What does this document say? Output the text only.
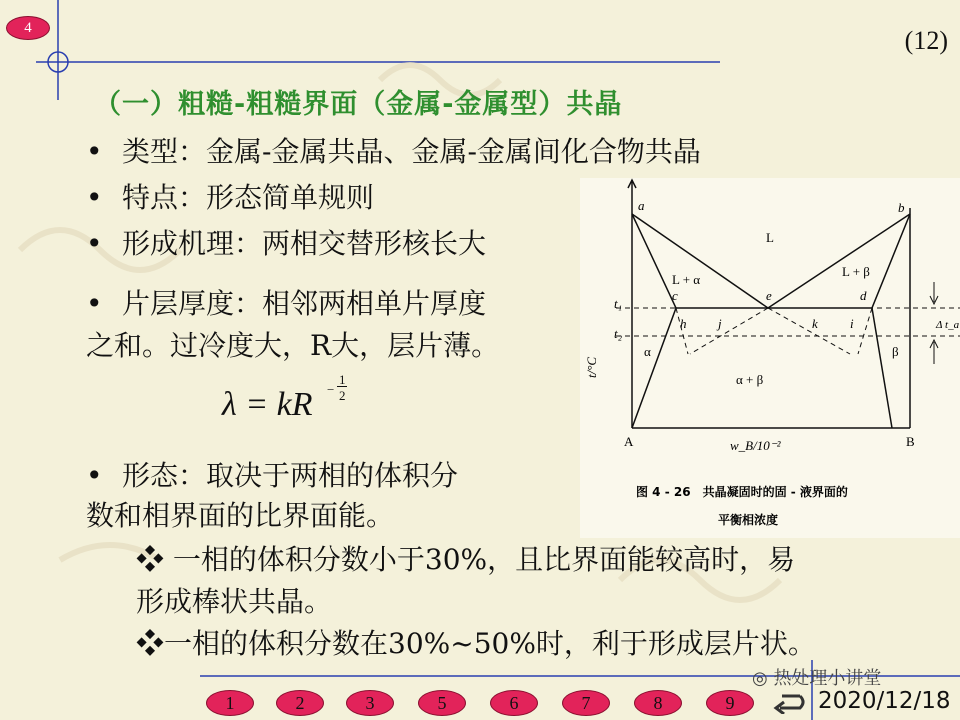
4	(12)
（一）粗糙-粗糙界面（金属-金属型）共晶
• 类型：金属-金属共晶、金属-金属间化合物共晶
• 特点：形态简单规则
• 形成机理：两相交替形核长大
• 片层厚度：相邻两相单片厚度
之和。过冷度大，R大，层片薄。
λ = kR −
1
2
• 形态：取决于两相的体积分
数和相界面的比界面能。
❖ 一相的体积分数小于30%，且比界面能较高时，易
形成棒状共晶。
❖一相的体积分数在30%~50%时，利于形成层片状。
a	b
c	d
e
h	i
j	k
t₁
t₂
L
L + α
L + β
α	β
α + β
A	B
w_B/10⁻²
Δ t_a
t/°C
图 4 - 26　共晶凝固时的固 - 液界面的
平衡相浓度
1	2	3	5	6	7	8	9
◎ 热处理小讲堂
2020/12/18
